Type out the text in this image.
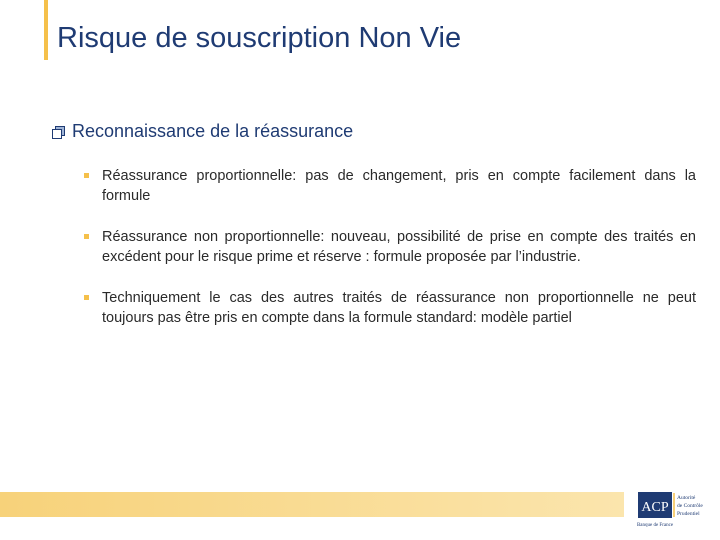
Risque de souscription Non Vie
Reconnaissance de la réassurance
Réassurance proportionnelle: pas de changement, pris en compte facilement dans la formule
Réassurance non proportionnelle: nouveau, possibilité de prise en compte des traités en excédent pour le risque prime et réserve : formule proposée par l’industrie.
Techniquement le cas des autres traités de réassurance non proportionnelle ne peut toujours pas être pris en compte dans la formule standard: modèle partiel
ACP
Autorité
de Contrôle
Prudentiel
Banque de France
